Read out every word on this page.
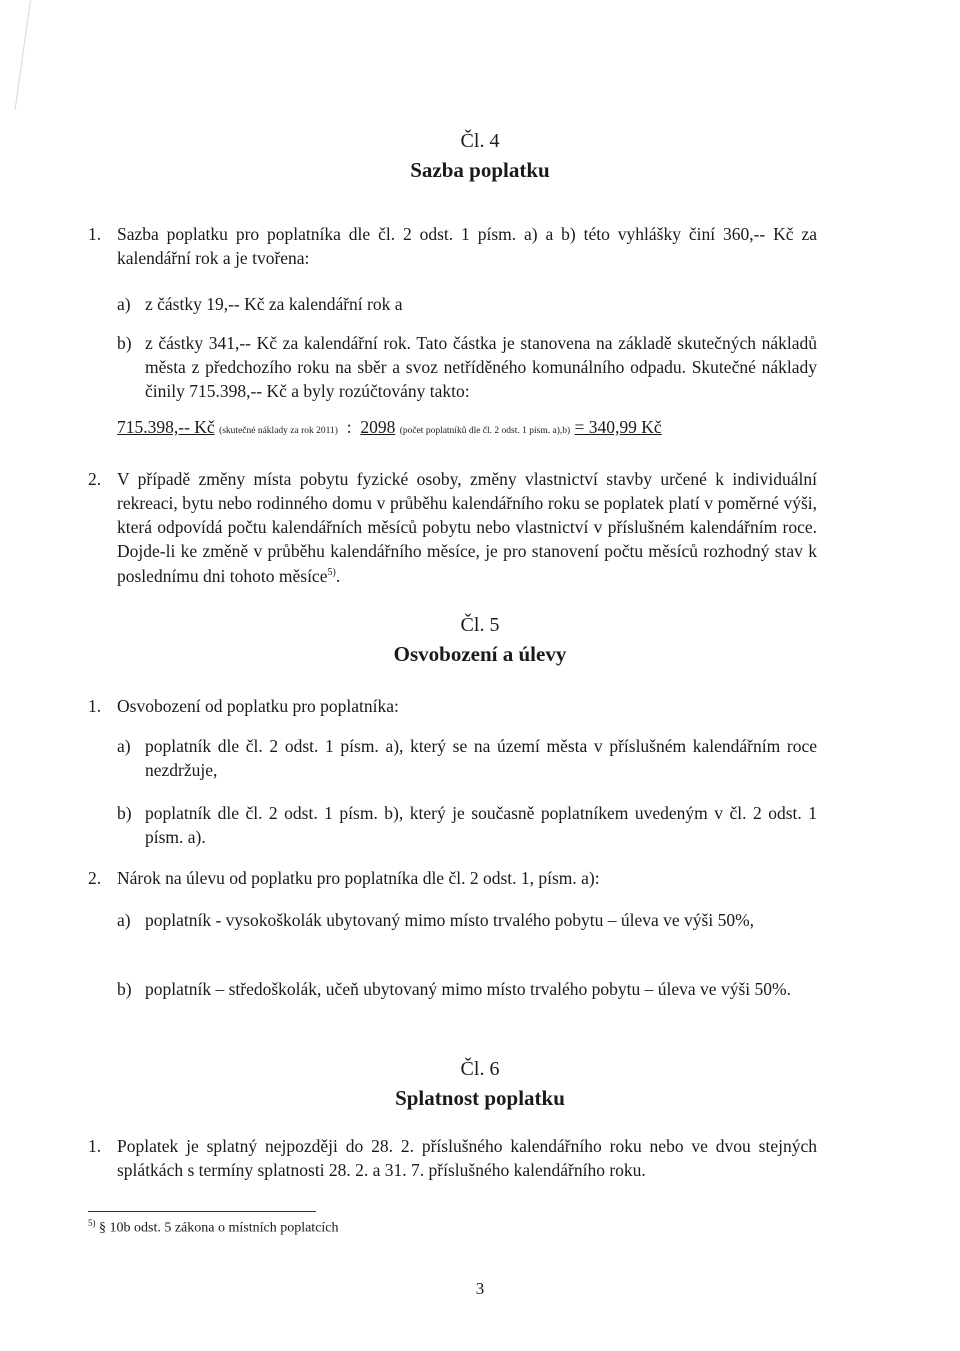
Čl. 4
Sazba poplatku
1. Sazba poplatku pro poplatníka dle čl. 2 odst. 1 písm. a) a b) této vyhlášky činí 360,-- Kč za kalendářní rok a je tvořena:
a) z částky 19,-- Kč za kalendářní rok a
b) z částky 341,-- Kč za kalendářní rok. Tato částka je stanovena na základě skutečných nákladů města z předchozího roku na sběr a svoz netříděného komunálního odpadu. Skutečné náklady činily 715.398,-- Kč a byly rozúčtovány takto:
715.398,-- Kč (skutečné náklady za rok 2011) : 2098 (počet poplatníků dle čl. 2 odst. 1 písm. a),b) = 340,99 Kč
2. V případě změny místa pobytu fyzické osoby, změny vlastnictví stavby určené k individuální rekreaci, bytu nebo rodinného domu v průběhu kalendářního roku se poplatek platí v poměrné výši, která odpovídá počtu kalendářních měsíců pobytu nebo vlastnictví v příslušném kalendářním roce. Dojde-li ke změně v průběhu kalendářního měsíce, je pro stanovení počtu měsíců rozhodný stav k poslednímu dni tohoto měsíce$^{5)}$.
Čl. 5
Osvobození a úlevy
1. Osvobození od poplatku pro poplatníka:
a) poplatník dle čl. 2 odst. 1 písm. a), který se na území města v příslušném kalendářním roce nezdržuje,
b) poplatník dle čl. 2 odst. 1 písm. b), který je současně poplatníkem uvedeným v čl. 2 odst. 1 písm. a).
2. Nárok na úlevu od poplatku pro poplatníka dle čl. 2 odst. 1, písm. a):
a) poplatník - vysokoškolák ubytovaný mimo místo trvalého pobytu – úleva ve výši 50%,
b) poplatník – středoškolák, učeň ubytovaný mimo místo trvalého pobytu – úleva ve výši 50%.
Čl. 6
Splatnost poplatku
1. Poplatek je splatný nejpozději do 28. 2. příslušného kalendářního roku nebo ve dvou stejných splátkách s termíny splatnosti 28. 2. a 31. 7. příslušného kalendářního roku.
$^{5)}$ § 10b odst. 5 zákona o místních poplatcích
3
